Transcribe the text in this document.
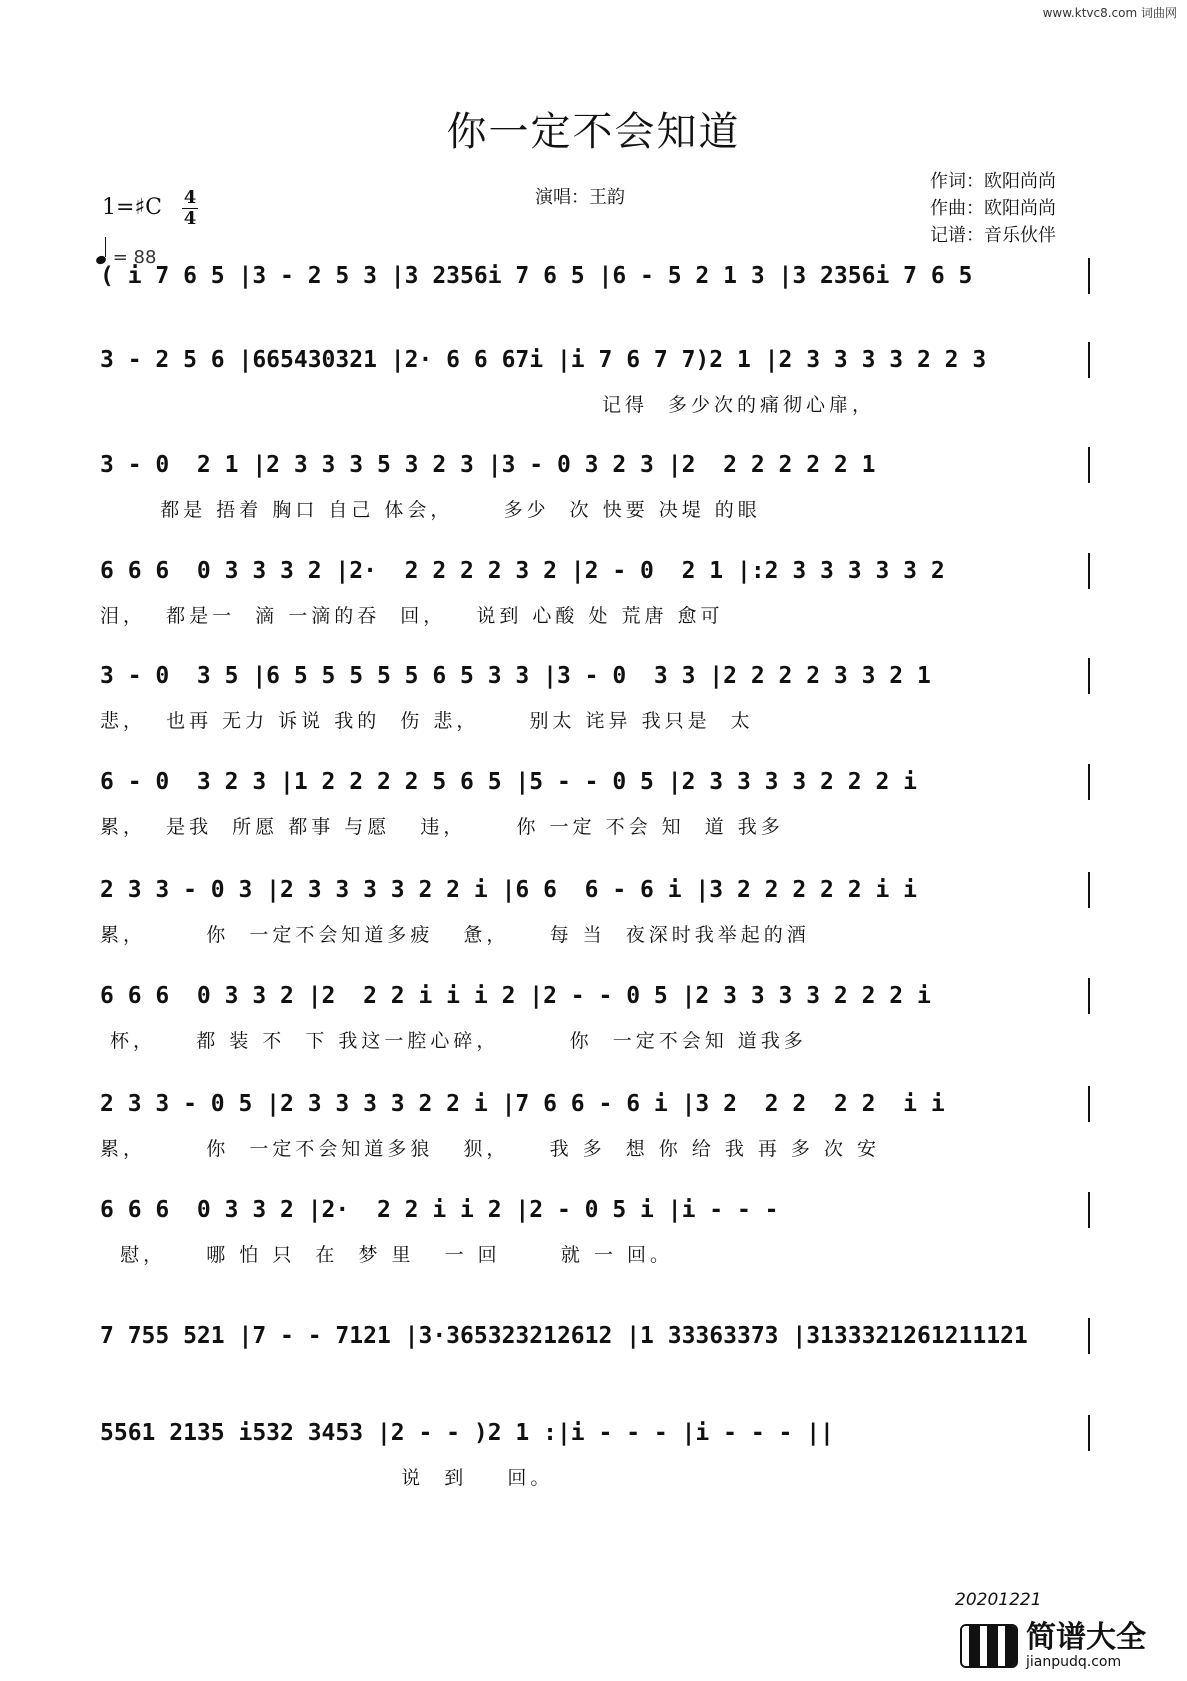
www.ktvc8.com 词曲网
你一定不会知道
1=♯C 4
4
= 88
演唱：王韵
作词：欧阳尚尚
作曲：欧阳尚尚
记谱：音乐伙伴
( i 7 6 5 |3 - 2 5 3 |3 2356i 7 6 5 |6 - 5 2 1 3 |3 2356i 7 6 5
3 - 2 5 6 |665430321 |2· 6 6 67i |i 7 6 7 7)2 1 |2 3 3 3 3 2 2 3
记得  多少次的痛彻心扉，
3 - 0  2 1 |2 3 3 3 5 3 2 3 |3 - 0 3 2 3 |2  2 2 2 2 2 1
都是 捂着 胸口 自己 体会，     多少  次 快要 决堤 的眼
6 6 6  0 3 3 3 2 |2·  2 2 2 2 3 2 |2 - 0  2 1 |:2 3 3 3 3 3 2
泪，  都是一  滴 一滴的吞  回，   说到 心酸 处 荒唐 愈可
3 - 0  3 5 |6 5 5 5 5 5 6 5 3 3 |3 - 0  3 3 |2 2 2 2 3 3 2 1
悲，  也再 无力 诉说 我的  伤 悲，     别太 诧异 我只是  太
6 - 0  3 2 3 |1 2 2 2 2 5 6 5 |5 - - 0 5 |2 3 3 3 3 2 2 2 i
累，  是我  所愿 都事 与愿   违，     你 一定 不会 知  道 我多
2 3 3 - 0 3 |2 3 3 3 3 2 2 i |6 6  6 - 6 i |3 2 2 2 2 2 i i
累，      你  一定不会知道多疲   惫，    每 当  夜深时我举起的酒
6 6 6  0 3 3 2 |2  2 2 i i i 2 |2 - - 0 5 |2 3 3 3 3 2 2 2 i
杯，    都 装 不  下 我这一腔心碎，       你  一定不会知 道我多
2 3 3 - 0 5 |2 3 3 3 3 2 2 i |7 6 6 - 6 i |3 2  2 2  2 2  i i
累，      你  一定不会知道多狼   狈，    我 多  想 你 给 我 再 多 次 安
6 6 6  0 3 3 2 |2·  2 2 i i 2 |2 - 0 5 i |i - - -
慰，    哪 怕 只  在  梦 里   一 回      就 一 回。
7 755 521 |7 - - 7121 |3·365323212612 |1 33363373 |3133321261211121
5561 2135 i532 3453 |2 - - )2 1 :|i - - - |i - - - ||
说  到    回。
20201221
简谱大全
jianpudq.com
